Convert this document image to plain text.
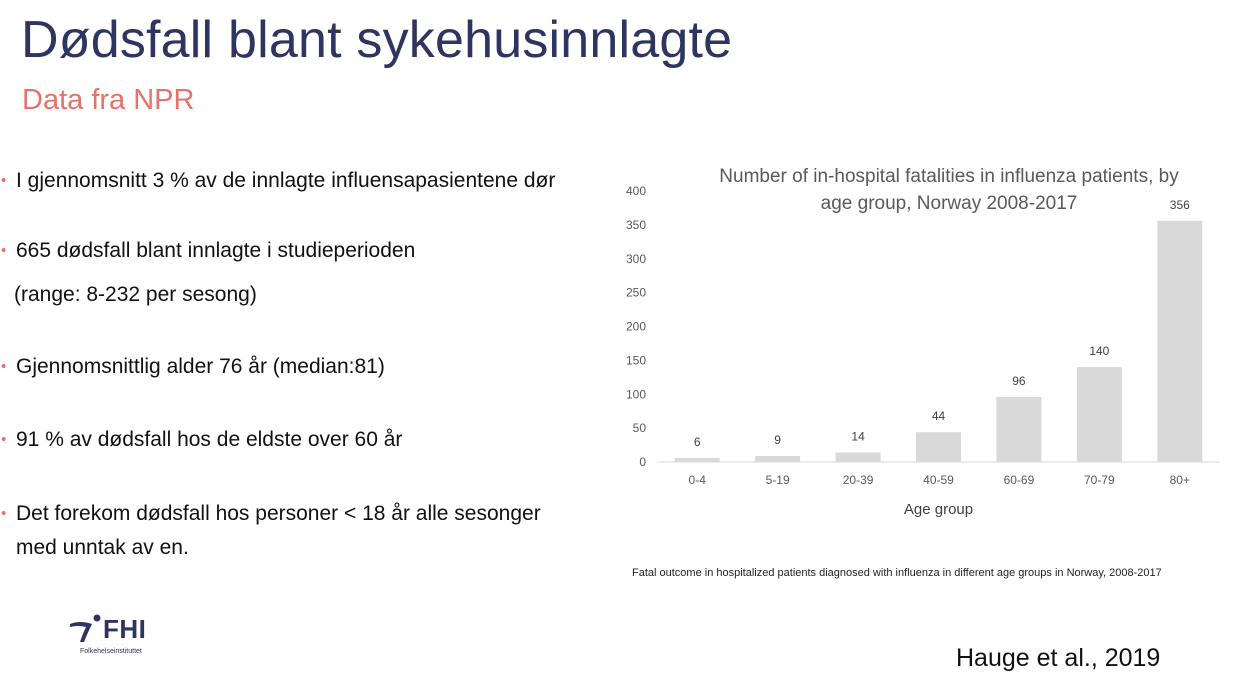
Dødsfall blant sykehusinnlagte
Data fra NPR
• I gjennomsnitt 3 % av de innlagte influensapasientene dør
• 665 dødsfall blant innlagte i studieperioden
(range: 8-232 per sesong)
• Gjennomsnittlig alder 76 år (median:81)
• 91 % av dødsfall hos de eldste over 60 år
• Det forekom dødsfall hos personer < 18 år alle sesonger
med unntak av en.
Number of in-hospital fatalities in influenza patients, by
age group, Norway 2008-2017
0
50
100
150
200
250
300
350
400
6
0-4
9
5-19
14
20-39
44
40-59
96
60-69
140
70-79
356
80+
Age group
Fatal outcome in hospitalized patients diagnosed with influenza in different age groups in Norway, 2008-2017
FHI
Folkehelseinstituttet	Hauge et al., 2019
